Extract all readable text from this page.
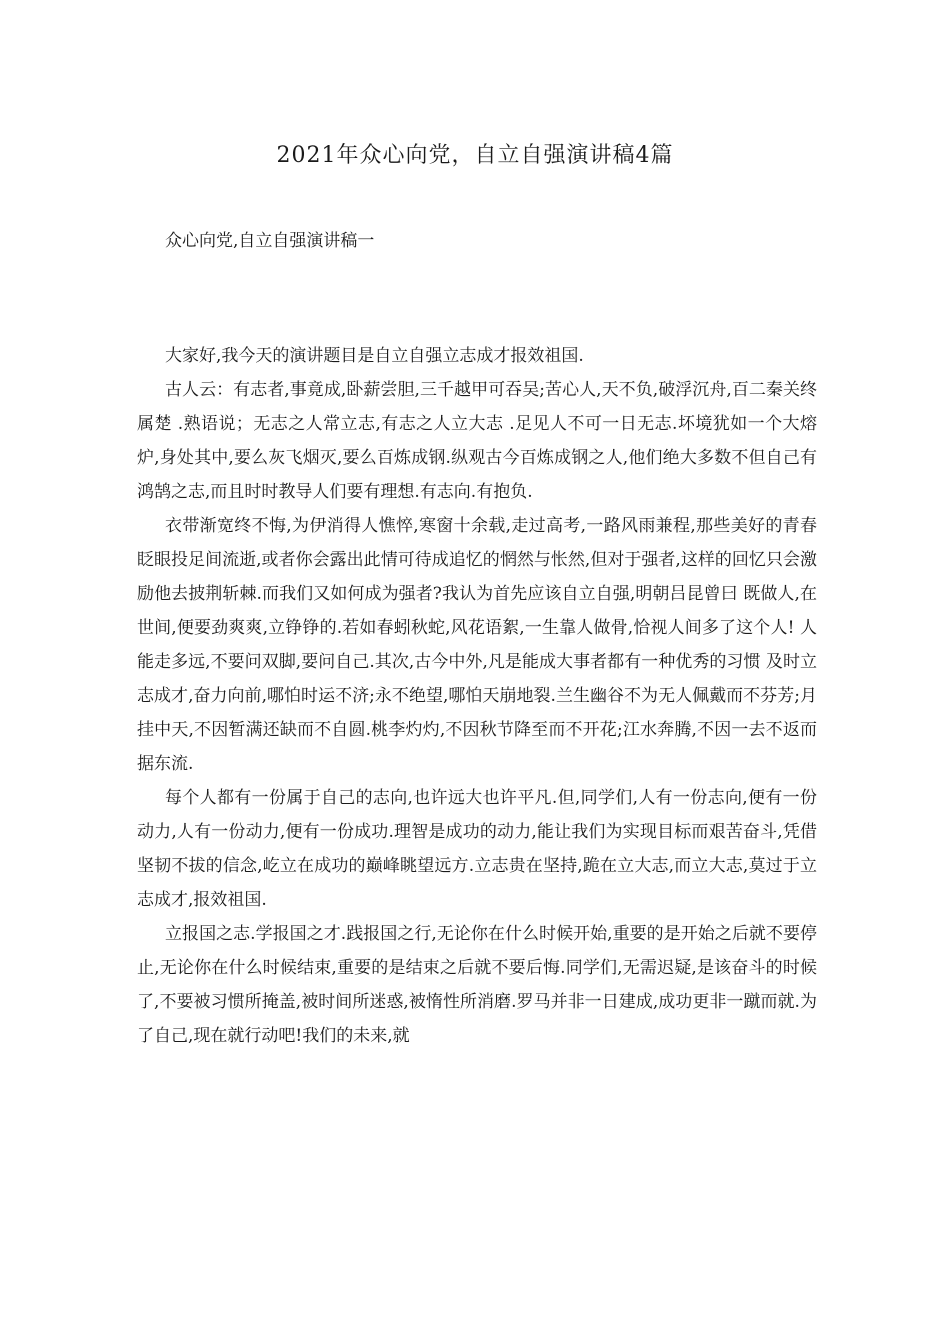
2021年众心向党，自立自强演讲稿4篇
众心向党,自立自强演讲稿一

大家好,我今天的演讲题目是自立自强立志成才报效祖国.

古人云：有志者,事竟成,卧薪尝胆,三千越甲可吞吴;苦心人,天不负,破浮沉舟,百二秦关终属楚 .熟语说；无志之人常立志,有志之人立大志 .足见人不可一日无志.坏境犹如一个大熔炉,身处其中,要么灰飞烟灭,要么百炼成钢.纵观古今百炼成钢之人,他们绝大多数不但自己有鸿鹄之志,而且时时教导人们要有理想.有志向.有抱负.

衣带渐宽终不悔,为伊消得人憔悴,寒窗十余载,走过高考,一路风雨兼程,那些美好的青春眨眼投足间流逝,或者你会露出此情可待成追忆的惘然与怅然,但对于强者,这样的回忆只会激励他去披荆斩棘.而我们又如何成为强者?我认为首先应该自立自强,明朝吕昆曾曰 既做人,在世间,便要劲爽爽,立铮铮的.若如春蚓秋蛇,风花语絮,一生靠人做骨,恰视人间多了这个人! 人能走多远,不要问双脚,要问自己.其次,古今中外,凡是能成大事者都有一种优秀的习惯 及时立志成才,奋力向前,哪怕时运不济;永不绝望,哪怕天崩地裂.兰生幽谷不为无人佩戴而不芬芳;月挂中天,不因暂满还缺而不自圆.桃李灼灼,不因秋节降至而不开花;江水奔腾,不因一去不返而据东流.

每个人都有一份属于自己的志向,也许远大也许平凡.但,同学们,人有一份志向,便有一份动力,人有一份动力,便有一份成功.理智是成功的动力,能让我们为实现目标而艰苦奋斗,凭借坚韧不拔的信念,屹立在成功的巅峰眺望远方.立志贵在坚持,跪在立大志,而立大志,莫过于立志成才,报效祖国.

立报国之志.学报国之才.践报国之行,无论你在什么时候开始,重要的是开始之后就不要停止,无论你在什么时候结束,重要的是结束之后就不要后悔.同学们,无需迟疑,是该奋斗的时候了,不要被习惯所掩盖,被时间所迷惑,被惰性所消磨.罗马并非一日建成,成功更非一蹴而就.为了自己,现在就行动吧!我们的未来,就
